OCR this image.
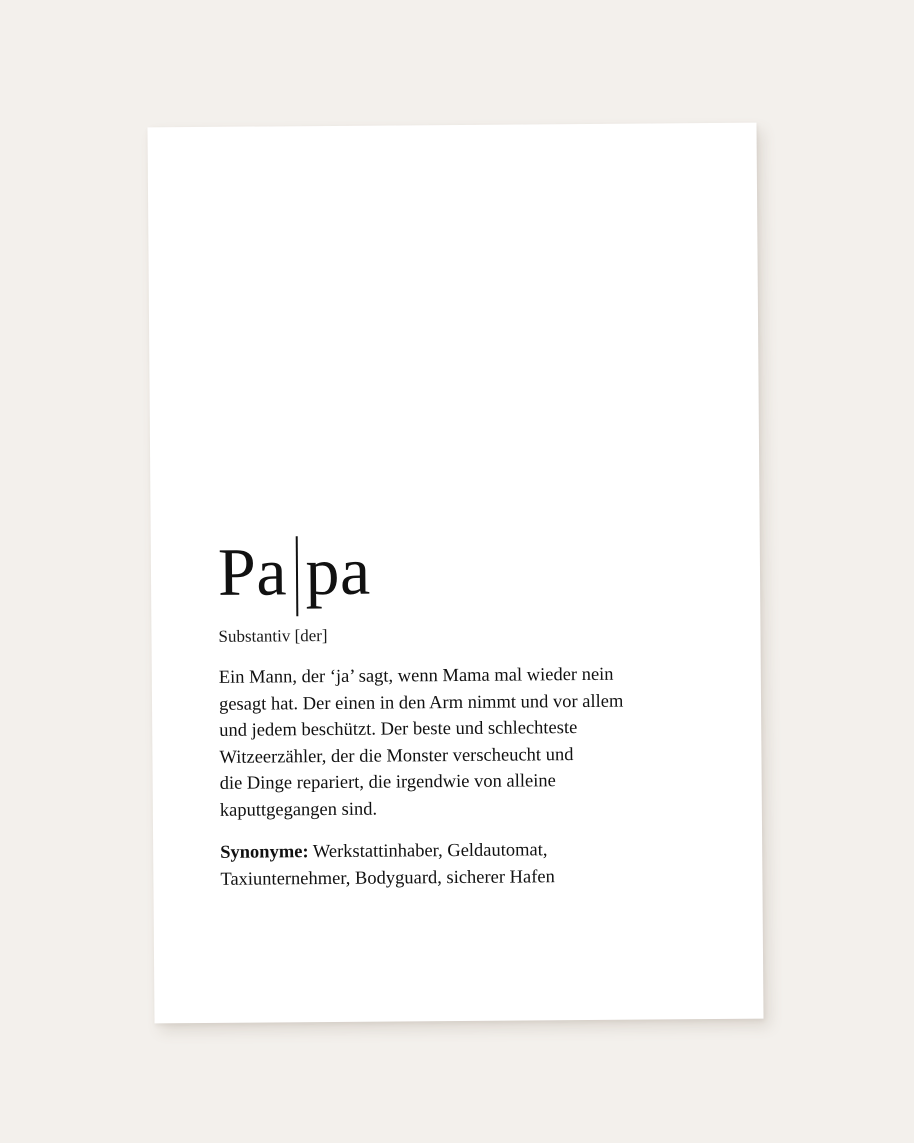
Pa pa
Substantiv [der]
Ein Mann, der ‘ja’ sagt, wenn Mama mal wieder nein
gesagt hat. Der einen in den Arm nimmt und vor allem
und jedem beschützt. Der beste und schlechteste
Witzeerzähler, der die Monster verscheucht und
die Dinge repariert, die irgendwie von alleine
kaputtgegangen sind.
Synonyme: Werkstattinhaber, Geldautomat,
Taxiunternehmer, Bodyguard, sicherer Hafen
